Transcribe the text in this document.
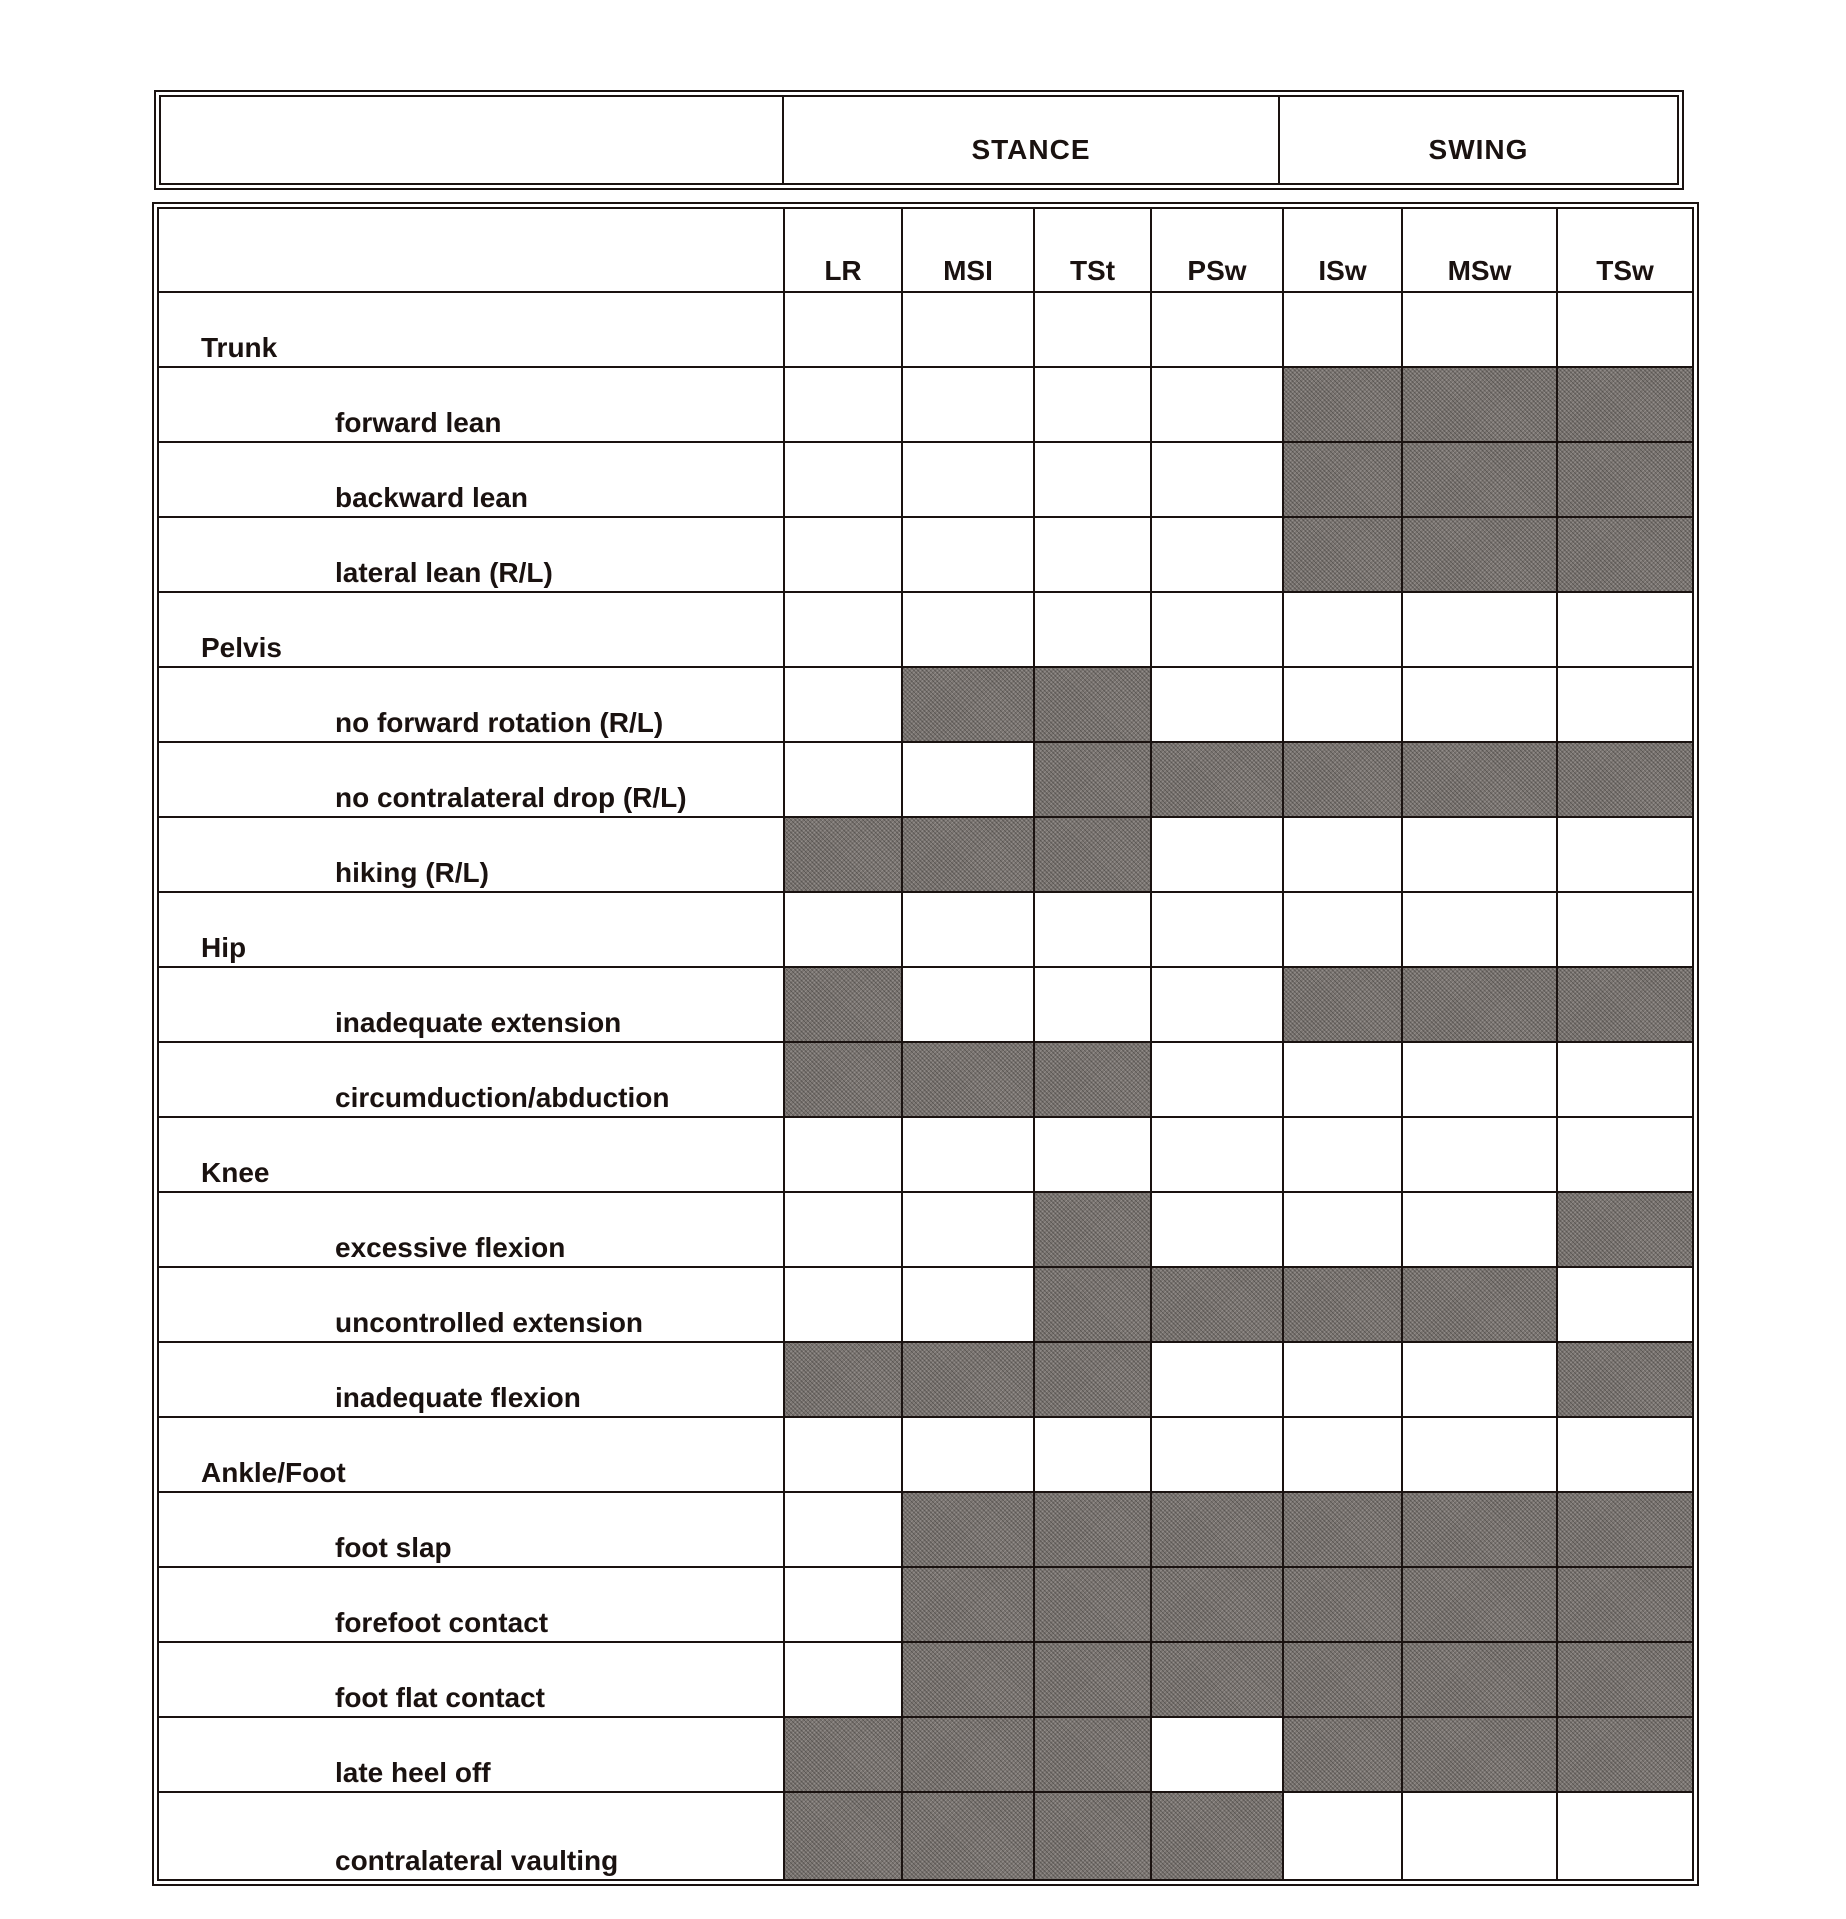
STANCE	SWING
	LR	MSI	TSt	PSw	ISw	MSw	TSw
Trunk							
forward lean							
backward lean							
lateral lean (R/L)							
Pelvis							
no forward rotation (R/L)							
no contralateral drop (R/L)							
hiking (R/L)							
Hip							
inadequate extension							
circumduction/abduction							
Knee							
excessive flexion							
uncontrolled extension							
inadequate flexion							
Ankle/Foot							
foot slap							
forefoot contact							
foot flat contact							
late heel off							
contralateral vaulting							
